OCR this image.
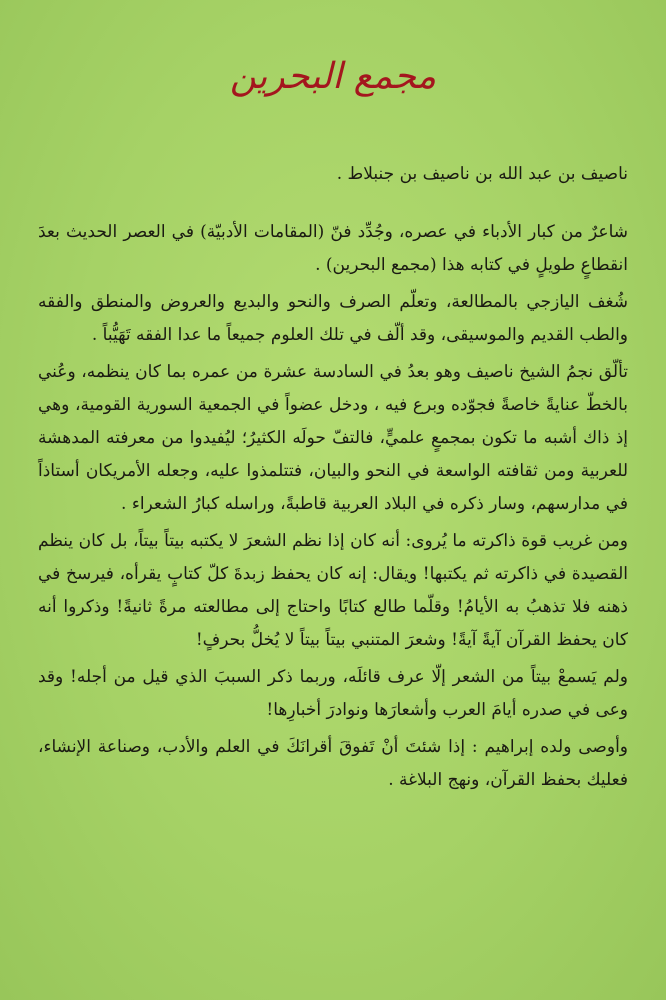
مجمع البحرين

ناصيف بن عبد الله بن ناصيف بن جنبلاط .

شاعرٌ من كبار الأدباء في عصره، وجُدِّد فنّ (المقامات الأدبيّة) في العصر الحديث بعدَ انقطاعٍ طويلٍ في كتابه هذا (مجمع البحرين) .

شُغف اليازجي بالمطالعة، وتعلّم الصرف والنحو والبديع والعروض والمنطق والفقه والطب القديم والموسيقى، وقد ألّف في تلك العلوم جميعاً ما عدا الفقه تَهَيُّباً .

تألّق نجمُ الشيخ ناصيف وهو بعدُ في السادسة عشرة من عمره بما كان ينظمه، وعُني بالخطّ عنايةً خاصةً فجوّده وبرع فيه ، ودخل عضواً في الجمعية السورية القومية، وهي إذ ذاك أشبه ما تكون بمجمعٍ علميٍّ، فالتفّ حولَه الكثيرُ؛ ليُفيدوا من معرفته المدهشة للعربية ومن ثقافته الواسعة في النحو والبيان، فتتلمذوا عليه، وجعله الأمريكان أستاذاً في مدارسهم، وسار ذكره في البلاد العربية قاطبةً، وراسله كبارُ الشعراء .

ومن غريب قوة ذاكرته ما يُروى: أنه كان إذا نظم الشعرَ لا يكتبه بيتاً بيتاً، بل كان ينظم القصيدة في ذاكرته ثم يكتبها! ويقال: إنه كان يحفظ زبدةَ كلّ كتابٍ يقرأه، فيرسخ في ذهنه فلا تذهبُ به الأيامُ! وقلّما طالع كتابًا واحتاج إلى مطالعته مرةً ثانيةً! وذكروا أنه كان يحفظ القرآن آيةً آيةً! وشعرَ المتنبي بيتاً بيتاً لا يُخلُّ بحرفٍ!

ولم يَسمعْ بيتاً من الشعر إلّا عرف قائلَه، وربما ذكر السببَ الذي قيل من أجله! وقد وعى في صدره أيامَ العرب وأشعارَها ونوادرَ أخبارِها!

وأوصى ولده إبراهيم : إذا شئتَ أنْ تَفوقَ أقرانَكَ في العلم والأدب، وصناعة الإنشاء، فعليك بحفظ القرآن، ونهج البلاغة .
